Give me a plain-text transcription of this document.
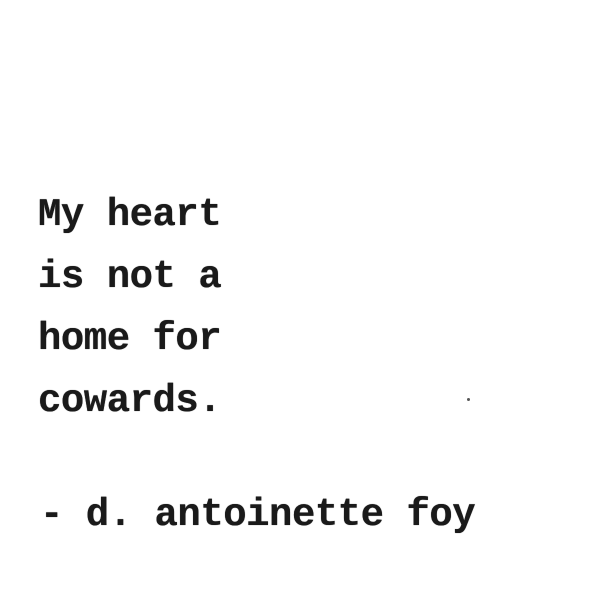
My heart
is not a
home for
cowards.
- d. antoinette foy
